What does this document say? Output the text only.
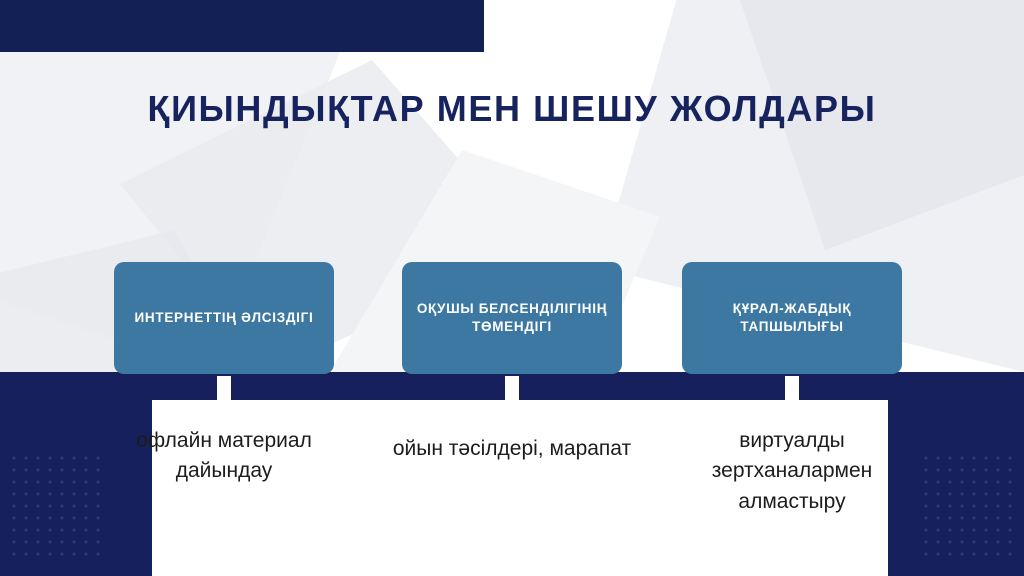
ҚИЫНДЫҚТАР МЕН ШЕШУ ЖОЛДАРЫ
ИНТЕРНЕТТІҢ ӘЛСІЗДІГІ
офлайн материал дайындау
ОҚУШЫ БЕЛСЕНДІЛІГІНІҢ ТӨМЕНДІГІ
ойын тәсілдері, марапат
ҚҰРАЛ-ЖАБДЫҚ ТАПШЫЛЫҒЫ
виртуалды зертханалармен алмастыру
